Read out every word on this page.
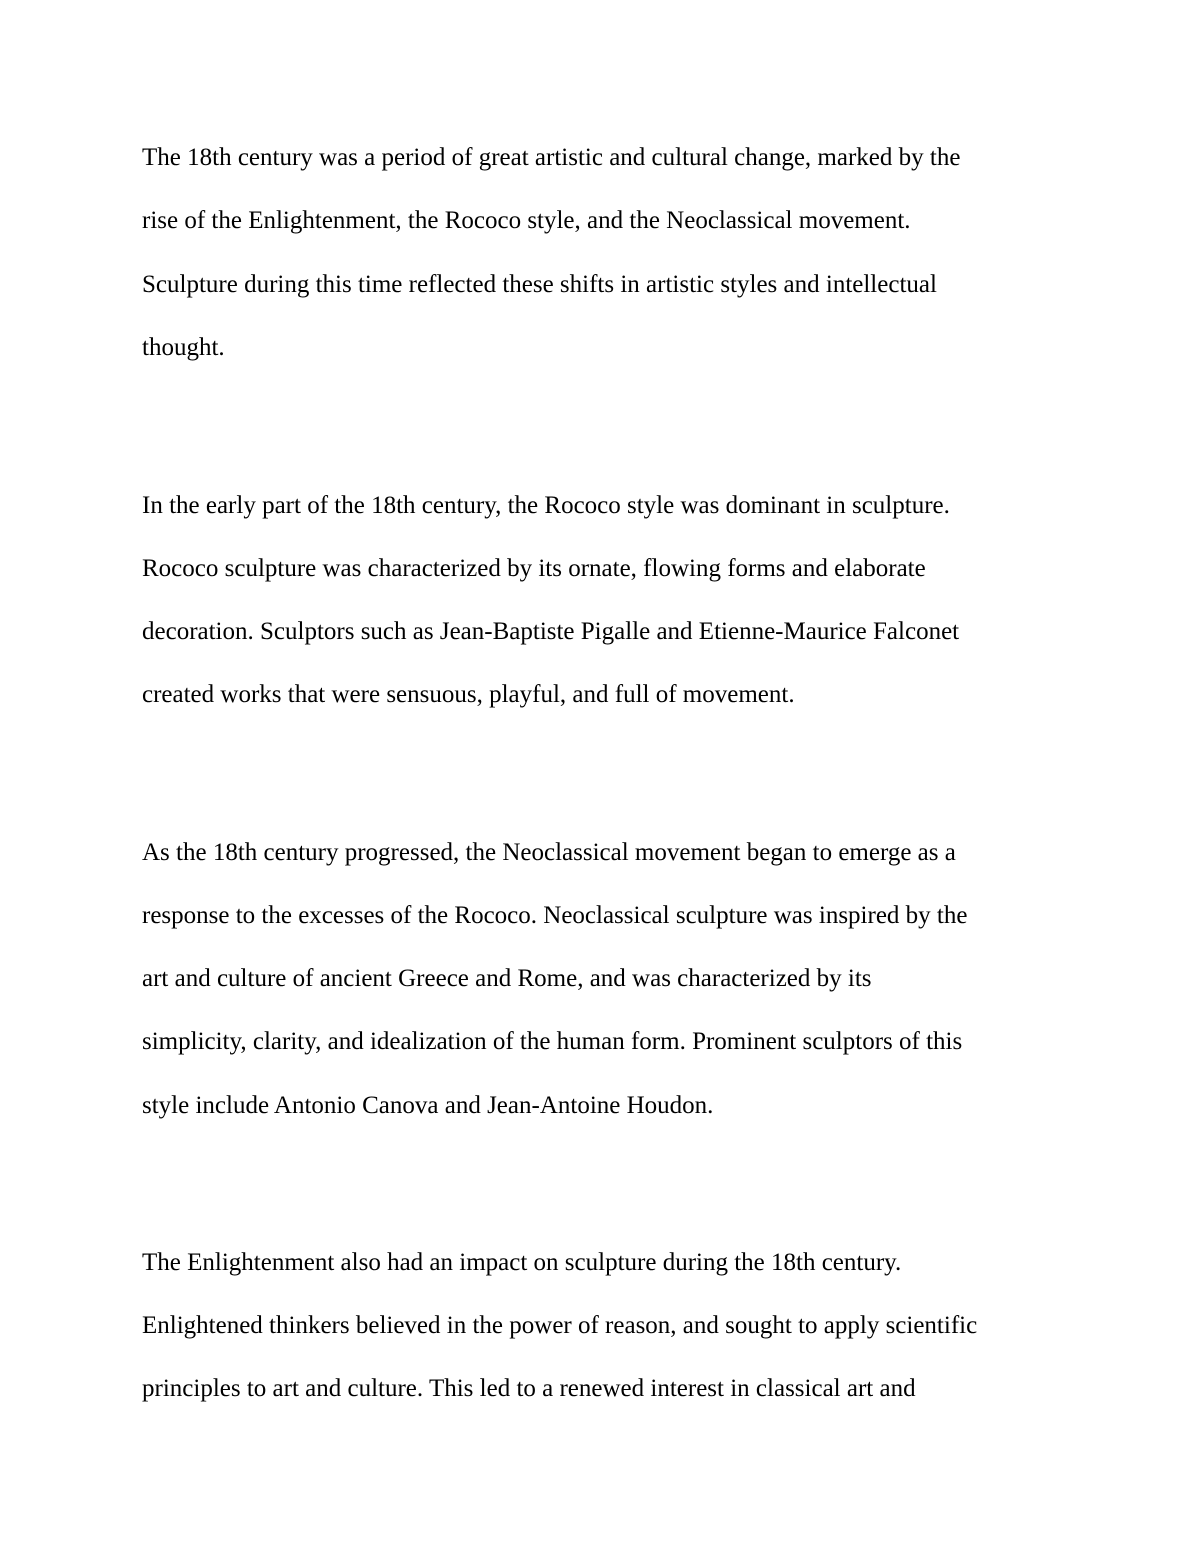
The 18th century was a period of great artistic and cultural change, marked by the

rise of the Enlightenment, the Rococo style, and the Neoclassical movement.

Sculpture during this time reflected these shifts in artistic styles and intellectual

thought.

In the early part of the 18th century, the Rococo style was dominant in sculpture.

Rococo sculpture was characterized by its ornate, flowing forms and elaborate

decoration. Sculptors such as Jean-Baptiste Pigalle and Etienne-Maurice Falconet

created works that were sensuous, playful, and full of movement.

As the 18th century progressed, the Neoclassical movement began to emerge as a

response to the excesses of the Rococo. Neoclassical sculpture was inspired by the

art and culture of ancient Greece and Rome, and was characterized by its

simplicity, clarity, and idealization of the human form. Prominent sculptors of this

style include Antonio Canova and Jean-Antoine Houdon.

The Enlightenment also had an impact on sculpture during the 18th century.

Enlightened thinkers believed in the power of reason, and sought to apply scientific

principles to art and culture. This led to a renewed interest in classical art and
